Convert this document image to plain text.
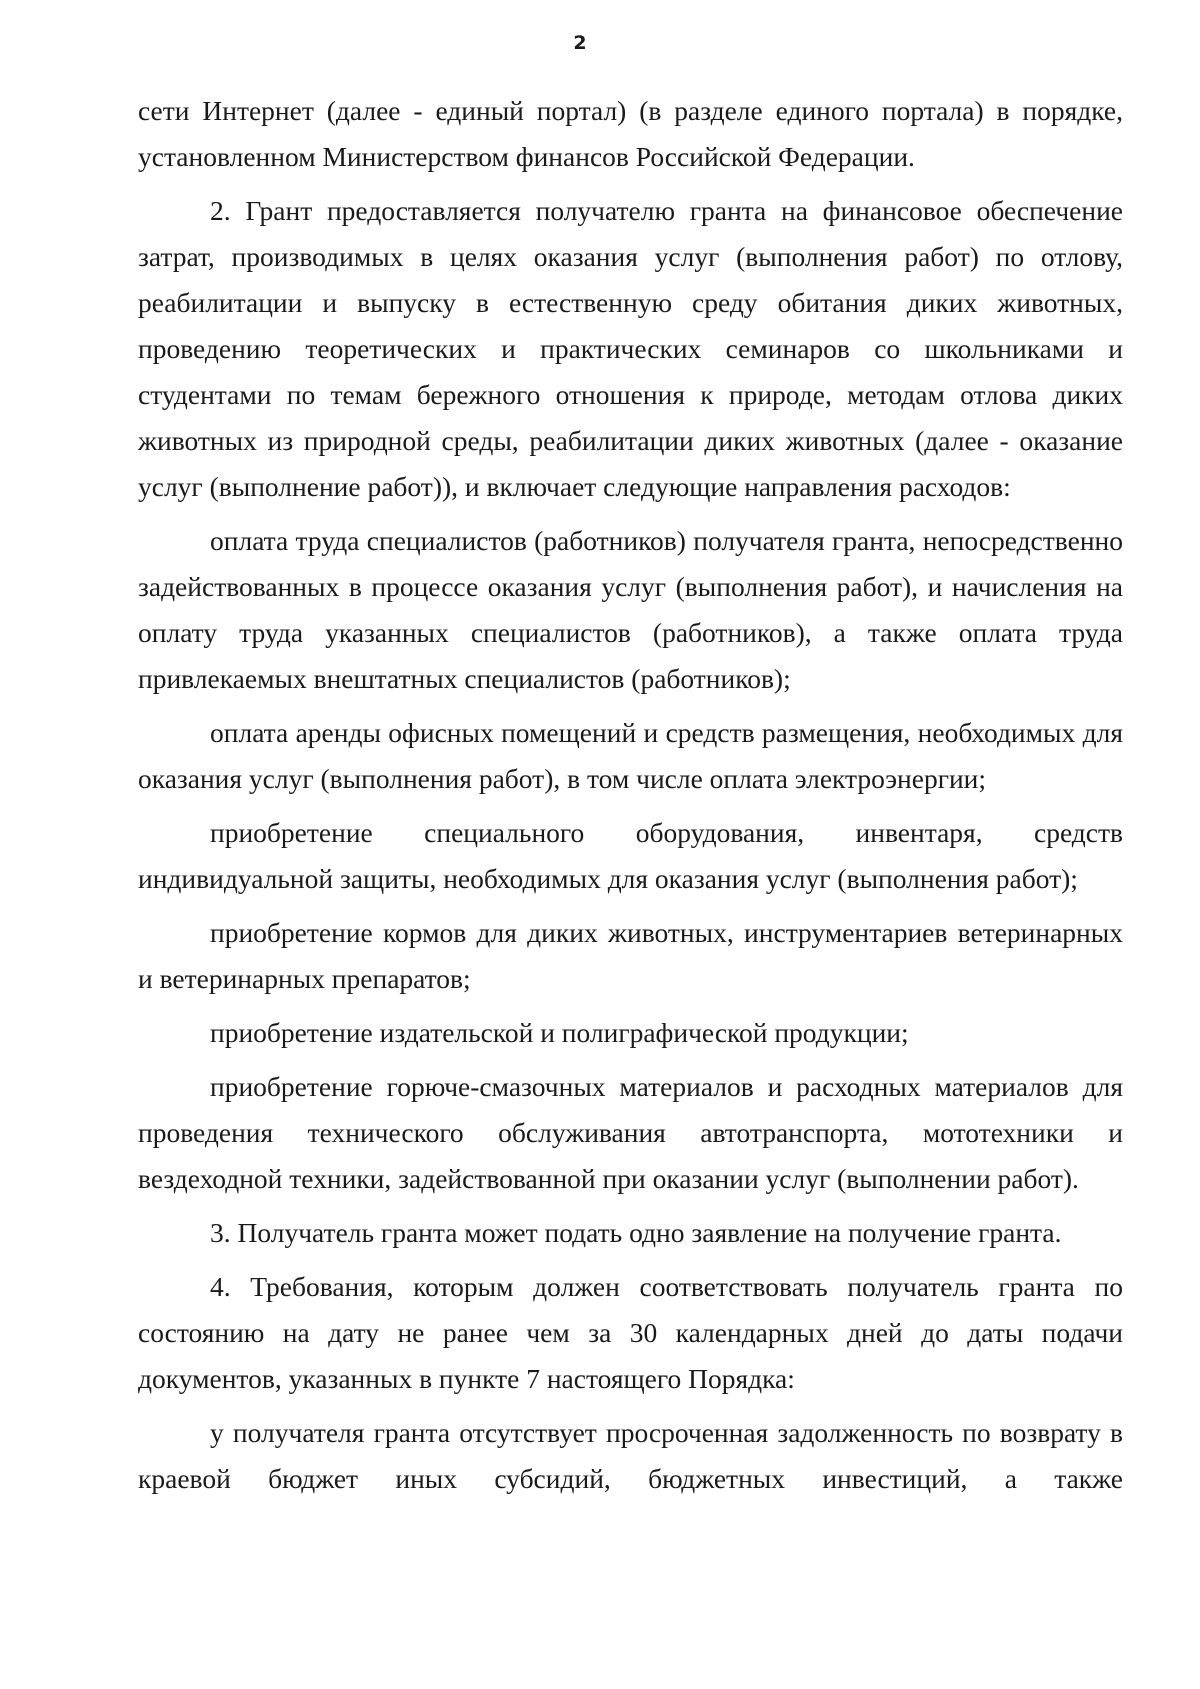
2

сети Интернет (далее - единый портал) (в разделе единого портала) в порядке, установленном Министерством финансов Российской Федерации.

2. Грант предоставляется получателю гранта на финансовое обеспечение затрат, производимых в целях оказания услуг (выполнения работ) по отлову, реабилитации и выпуску в естественную среду обитания диких животных, проведению теоретических и практических семинаров со школьниками и студентами по темам бережного отношения к природе, методам отлова диких животных из природной среды, реабилитации диких животных (далее - оказание услуг (выполнение работ)), и включает следующие направления расходов:

оплата труда специалистов (работников) получателя гранта, непосредственно задействованных в процессе оказания услуг (выполнения работ), и начисления на оплату труда указанных специалистов (работников), а также оплата труда привлекаемых внештатных специалистов (работников);

оплата аренды офисных помещений и средств размещения, необходимых для оказания услуг (выполнения работ), в том числе оплата электроэнергии;

приобретение специального оборудования, инвентаря, средств индивидуальной защиты, необходимых для оказания услуг (выполнения работ);

приобретение кормов для диких животных, инструментариев ветеринарных и ветеринарных препаратов;

приобретение издательской и полиграфической продукции;

приобретение горюче-смазочных материалов и расходных материалов для проведения технического обслуживания автотранспорта, мототехники и вездеходной техники, задействованной при оказании услуг (выполнении работ).

3. Получатель гранта может подать одно заявление на получение гранта.

4. Требования, которым должен соответствовать получатель гранта по состоянию на дату не ранее чем за 30 календарных дней до даты подачи документов, указанных в пункте 7 настоящего Порядка:

у получателя гранта отсутствует просроченная задолженность по возврату в краевой бюджет иных субсидий, бюджетных инвестиций, а также
